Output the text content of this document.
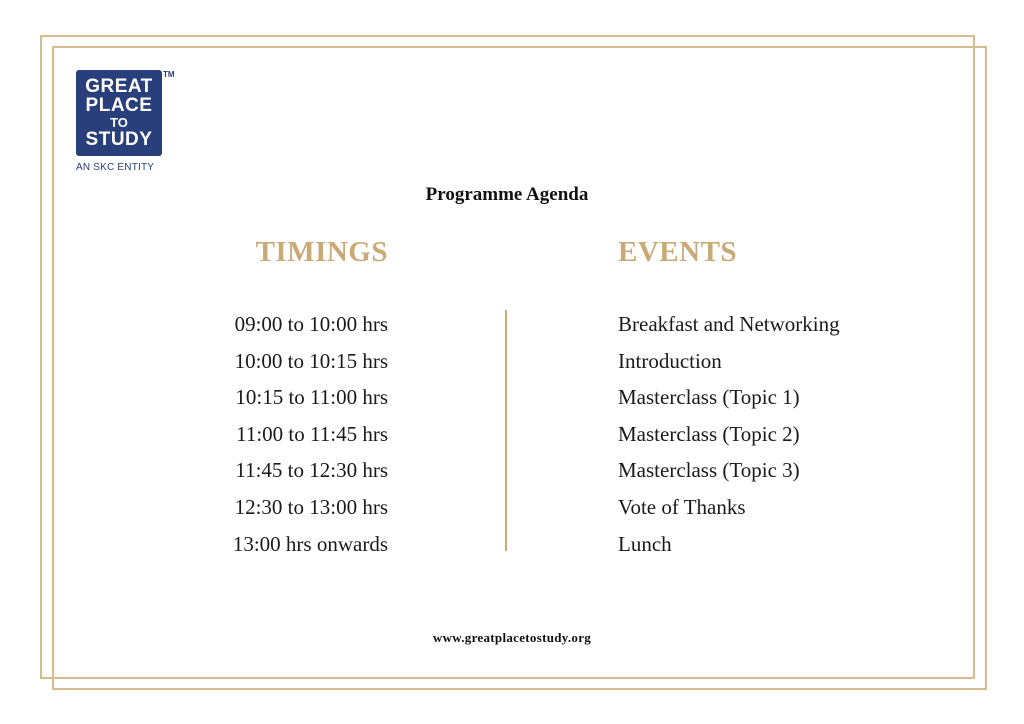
GREAT
PLACE
TO
STUDY
TM
AN SKC ENTITY
Programme Agenda
TIMINGS	EVENTS
09:00 to 10:00 hrs
10:00 to 10:15 hrs
10:15 to 11:00 hrs
11:00 to 11:45 hrs
11:45 to 12:30 hrs
12:30 to 13:00 hrs
13:00 hrs onwards
Breakfast and Networking
Introduction
Masterclass (Topic 1)
Masterclass (Topic 2)
Masterclass (Topic 3)
Vote of Thanks
Lunch
www.greatplacetostudy.org
